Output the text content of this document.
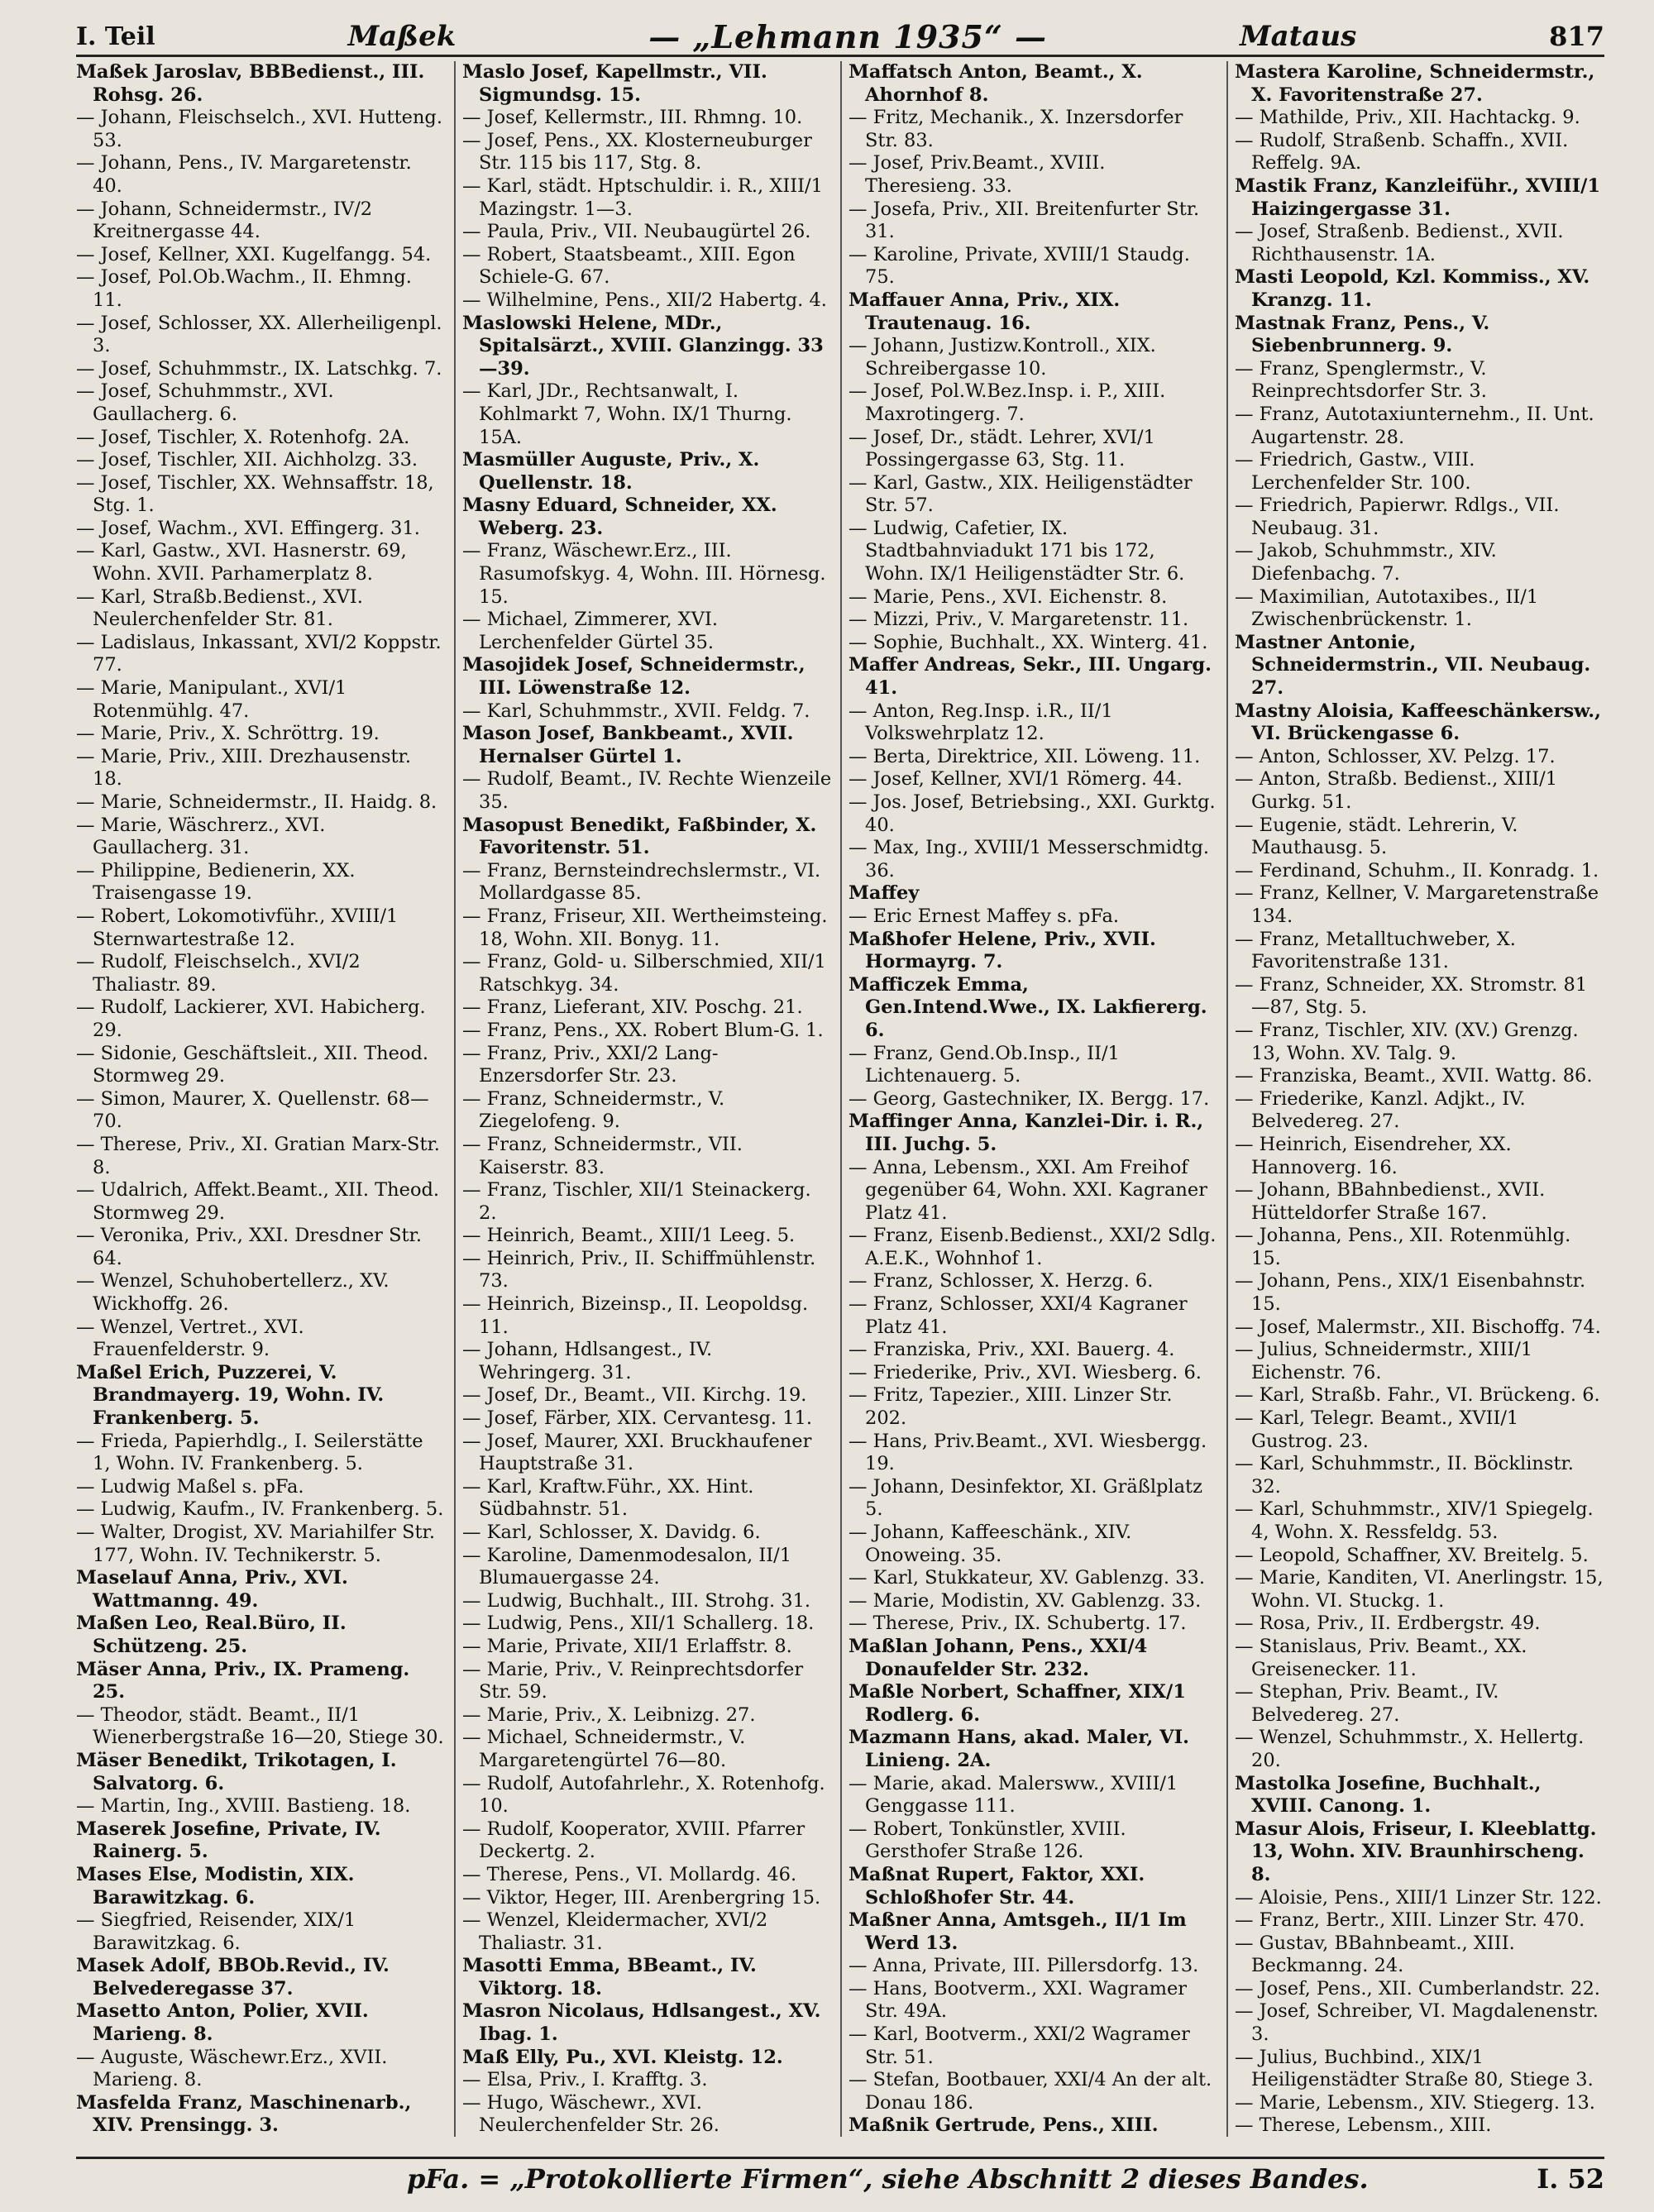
I. Teil	Maßek	— „Lehmann 1935“ —	Mataus	817

Maßek Jaroslav, BBBedienst., III. Rohsg. 26.

— Johann, Fleischselch., XVI. Hutteng. 53.

— Johann, Pens., IV. Margaretenstr. 40.

— Johann, Schneidermstr., IV/2 Kreitnergasse 44.

— Josef, Kellner, XXI. Kugelfangg. 54.

— Josef, Pol.Ob.Wachm., II. Ehmng. 11.

— Josef, Schlosser, XX. Allerheiligenpl. 3.

— Josef, Schuhmmstr., IX. Latschkg. 7.

— Josef, Schuhmmstr., XVI. Gaullacherg. 6.

— Josef, Tischler, X. Rotenhofg. 2A.

— Josef, Tischler, XII. Aichholzg. 33.

— Josef, Tischler, XX. Wehnsaffstr. 18, Stg. 1.

— Josef, Wachm., XVI. Effingerg. 31.

— Karl, Gastw., XVI. Hasnerstr. 69, Wohn. XVII. Parhamerplatz 8.

— Karl, Straßb.Bedienst., XVI. Neulerchenfelder Str. 81.

— Ladislaus, Inkassant, XVI/2 Koppstr. 77.

— Marie, Manipulant., XVI/1 Rotenmühlg. 47.

— Marie, Priv., X. Schröttrg. 19.

— Marie, Priv., XIII. Drezhausenstr. 18.

— Marie, Schneidermstr., II. Haidg. 8.

— Marie, Wäschrerz., XVI. Gaullacherg. 31.

— Philippine, Bedienerin, XX. Traisengasse 19.

— Robert, Lokomotivführ., XVIII/1 Sternwartestraße 12.

— Rudolf, Fleischselch., XVI/2 Thaliastr. 89.

— Rudolf, Lackierer, XVI. Habicherg. 29.

— Sidonie, Geschäftsleit., XII. Theod. Stormweg 29.

— Simon, Maurer, X. Quellenstr. 68—70.

— Therese, Priv., XI. Gratian Marx-Str. 8.

— Udalrich, Affekt.Beamt., XII. Theod. Stormweg 29.

— Veronika, Priv., XXI. Dresdner Str. 64.

— Wenzel, Schuhobertellerz., XV. Wickhoffg. 26.

— Wenzel, Vertret., XVI. Frauenfelderstr. 9.

Maßel Erich, Puzzerei, V. Brandmayerg. 19, Wohn. IV. Frankenberg. 5.

— Frieda, Papierhdlg., I. Seilerstätte 1, Wohn. IV. Frankenberg. 5.

— Ludwig Maßel s. pFa.

— Ludwig, Kaufm., IV. Frankenberg. 5.

— Walter, Drogist, XV. Mariahilfer Str. 177, Wohn. IV. Technikerstr. 5.

Maselauf Anna, Priv., XVI. Wattmanng. 49.

Maßen Leo, Real.Büro, II. Schützeng. 25.

Mäser Anna, Priv., IX. Prameng. 25.

— Theodor, städt. Beamt., II/1 Wienerbergstraße 16—20, Stiege 30.

Mäser Benedikt, Trikotagen, I. Salvatorg. 6.

— Martin, Ing., XVIII. Bastieng. 18.

Maserek Josefine, Private, IV. Rainerg. 5.

Mases Else, Modistin, XIX. Barawitzkag. 6.

— Siegfried, Reisender, XIX/1 Barawitzkag. 6.

Masek Adolf, BBOb.Revid., IV. Belvederegasse 37.

Masetto Anton, Polier, XVII. Marieng. 8.

— Auguste, Wäschewr.Erz., XVII. Marieng. 8.

Masfelda Franz, Maschinenarb., XIV. Prensingg. 3.

Maslo Josef, Kapellmstr., VII. Sigmundsg. 15.

— Josef, Kellermstr., III. Rhmng. 10.

— Josef, Pens., XX. Klosterneuburger Str. 115 bis 117, Stg. 8.

— Karl, städt. Hptschuldir. i. R., XIII/1 Mazingstr. 1—3.

— Paula, Priv., VII. Neubaugürtel 26.

— Robert, Staatsbeamt., XIII. Egon Schiele-G. 67.

— Wilhelmine, Pens., XII/2 Habertg. 4.

Maslowski Helene, MDr., Spitalsärzt., XVIII. Glanzingg. 33—39.

— Karl, JDr., Rechtsanwalt, I. Kohlmarkt 7, Wohn. IX/1 Thurng. 15A.

Masmüller Auguste, Priv., X. Quellenstr. 18.

Masny Eduard, Schneider, XX. Weberg. 23.

— Franz, Wäschewr.Erz., III. Rasumofskyg. 4, Wohn. III. Hörnesg. 15.

— Michael, Zimmerer, XVI. Lerchenfelder Gürtel 35.

Masojidek Josef, Schneidermstr., III. Löwenstraße 12.

— Karl, Schuhmmstr., XVII. Feldg. 7.

Mason Josef, Bankbeamt., XVII. Hernalser Gürtel 1.

— Rudolf, Beamt., IV. Rechte Wienzeile 35.

Masopust Benedikt, Faßbinder, X. Favoritenstr. 51.

— Franz, Bernsteindrechslermstr., VI. Mollardgasse 85.

— Franz, Friseur, XII. Wertheimsteing. 18, Wohn. XII. Bonyg. 11.

— Franz, Gold- u. Silberschmied, XII/1 Ratschkyg. 34.

— Franz, Lieferant, XIV. Poschg. 21.

— Franz, Pens., XX. Robert Blum-G. 1.

— Franz, Priv., XXI/2 Lang-Enzersdorfer Str. 23.

— Franz, Schneidermstr., V. Ziegelofeng. 9.

— Franz, Schneidermstr., VII. Kaiserstr. 83.

— Franz, Tischler, XII/1 Steinackerg. 2.

— Heinrich, Beamt., XIII/1 Leeg. 5.

— Heinrich, Priv., II. Schiffmühlenstr. 73.

— Heinrich, Bizeinsp., II. Leopoldsg. 11.

— Johann, Hdlsangest., IV. Wehringerg. 31.

— Josef, Dr., Beamt., VII. Kirchg. 19.

— Josef, Färber, XIX. Cervantesg. 11.

— Josef, Maurer, XXI. Bruckhaufener Hauptstraße 31.

— Karl, Kraftw.Führ., XX. Hint. Südbahnstr. 51.

— Karl, Schlosser, X. Davidg. 6.

— Karoline, Damenmodesalon, II/1 Blumauergasse 24.

— Ludwig, Buchhalt., III. Strohg. 31.

— Ludwig, Pens., XII/1 Schallerg. 18.

— Marie, Private, XII/1 Erlaffstr. 8.

— Marie, Priv., V. Reinprechtsdorfer Str. 59.

— Marie, Priv., X. Leibnizg. 27.

— Michael, Schneidermstr., V. Margaretengürtel 76—80.

— Rudolf, Autofahrlehr., X. Rotenhofg. 10.

— Rudolf, Kooperator, XVIII. Pfarrer Deckertg. 2.

— Therese, Pens., VI. Mollardg. 46.

— Viktor, Heger, III. Arenbergring 15.

— Wenzel, Kleidermacher, XVI/2 Thaliastr. 31.

Masotti Emma, BBeamt., IV. Viktorg. 18.

Masron Nicolaus, Hdlsangest., XV. Ibag. 1.

Maß Elly, Pu., XVI. Kleistg. 12.

— Elsa, Priv., I. Krafftg. 3.

— Hugo, Wäschewr., XVI. Neulerchenfelder Str. 26.

Maffatsch Anton, Beamt., X. Ahornhof 8.

— Fritz, Mechanik., X. Inzersdorfer Str. 83.

— Josef, Priv.Beamt., XVIII. Theresieng. 33.

— Josefa, Priv., XII. Breitenfurter Str. 31.

— Karoline, Private, XVIII/1 Staudg. 75.

Maffauer Anna, Priv., XIX. Trautenaug. 16.

— Johann, Justizw.Kontroll., XIX. Schreibergasse 10.

— Josef, Pol.W.Bez.Insp. i. P., XIII. Maxrotingerg. 7.

— Josef, Dr., städt. Lehrer, XVI/1 Possingergasse 63, Stg. 11.

— Karl, Gastw., XIX. Heiligenstädter Str. 57.

— Ludwig, Cafetier, IX. Stadtbahnviadukt 171 bis 172, Wohn. IX/1 Heiligenstädter Str. 6.

— Marie, Pens., XVI. Eichenstr. 8.

— Mizzi, Priv., V. Margaretenstr. 11.

— Sophie, Buchhalt., XX. Winterg. 41.

Maffer Andreas, Sekr., III. Ungarg. 41.

— Anton, Reg.Insp. i.R., II/1 Volkswehrplatz 12.

— Berta, Direktrice, XII. Löweng. 11.

— Josef, Kellner, XVI/1 Römerg. 44.

— Jos. Josef, Betriebsing., XXI. Gurktg. 40.

— Max, Ing., XVIII/1 Messerschmidtg. 36.

Maffey

— Eric Ernest Maffey s. pFa.

Maßhofer Helene, Priv., XVII. Hormayrg. 7.

Mafficzek Emma, Gen.Intend.Wwe., IX. Lakfiererg. 6.

— Franz, Gend.Ob.Insp., II/1 Lichtenauerg. 5.

— Georg, Gastechniker, IX. Bergg. 17.

Maffinger Anna, Kanzlei-Dir. i. R., III. Juchg. 5.

— Anna, Lebensm., XXI. Am Freihof gegenüber 64, Wohn. XXI. Kagraner Platz 41.

— Franz, Eisenb.Bedienst., XXI/2 Sdlg. A.E.K., Wohnhof 1.

— Franz, Schlosser, X. Herzg. 6.

— Franz, Schlosser, XXI/4 Kagraner Platz 41.

— Franziska, Priv., XXI. Bauerg. 4.

— Friederike, Priv., XVI. Wiesberg. 6.

— Fritz, Tapezier., XIII. Linzer Str. 202.

— Hans, Priv.Beamt., XVI. Wiesbergg. 19.

— Johann, Desinfektor, XI. Gräßlplatz 5.

— Johann, Kaffeeschänk., XIV. Onoweing. 35.

— Karl, Stukkateur, XV. Gablenzg. 33.

— Marie, Modistin, XV. Gablenzg. 33.

— Therese, Priv., IX. Schubertg. 17.

Maßlan Johann, Pens., XXI/4 Donaufelder Str. 232.

Maßle Norbert, Schaffner, XIX/1 Rodlerg. 6.

Mazmann Hans, akad. Maler, VI. Linieng. 2A.

— Marie, akad. Malersww., XVIII/1 Genggasse 111.

— Robert, Tonkünstler, XVIII. Gersthofer Straße 126.

Maßnat Rupert, Faktor, XXI. Schloßhofer Str. 44.

Maßner Anna, Amtsgeh., II/1 Im Werd 13.

— Anna, Private, III. Pillersdorfg. 13.

— Hans, Bootverm., XXI. Wagramer Str. 49A.

— Karl, Bootverm., XXI/2 Wagramer Str. 51.

— Stefan, Bootbauer, XXI/4 An der alt. Donau 186.

Maßnik Gertrude, Pens., XIII.

Mastera Karoline, Schneidermstr., X. Favoritenstraße 27.

— Mathilde, Priv., XII. Hachtackg. 9.

— Rudolf, Straßenb. Schaffn., XVII. Reffelg. 9A.

Mastik Franz, Kanzleiführ., XVIII/1 Haizingergasse 31.

— Josef, Straßenb. Bedienst., XVII. Richthausenstr. 1A.

Masti Leopold, Kzl. Kommiss., XV. Kranzg. 11.

Mastnak Franz, Pens., V. Siebenbrunnerg. 9.

— Franz, Spenglermstr., V. Reinprechtsdorfer Str. 3.

— Franz, Autotaxiunternehm., II. Unt. Augartenstr. 28.

— Friedrich, Gastw., VIII. Lerchenfelder Str. 100.

— Friedrich, Papierwr. Rdlgs., VII. Neubaug. 31.

— Jakob, Schuhmmstr., XIV. Diefenbachg. 7.

— Maximilian, Autotaxibes., II/1 Zwischenbrückenstr. 1.

Mastner Antonie, Schneidermstrin., VII. Neubaug. 27.

Mastny Aloisia, Kaffeeschänkersw., VI. Brückengasse 6.

— Anton, Schlosser, XV. Pelzg. 17.

— Anton, Straßb. Bedienst., XIII/1 Gurkg. 51.

— Eugenie, städt. Lehrerin, V. Mauthausg. 5.

— Ferdinand, Schuhm., II. Konradg. 1.

— Franz, Kellner, V. Margaretenstraße 134.

— Franz, Metalltuchweber, X. Favoritenstraße 131.

— Franz, Schneider, XX. Stromstr. 81—87, Stg. 5.

— Franz, Tischler, XIV. (XV.) Grenzg. 13, Wohn. XV. Talg. 9.

— Franziska, Beamt., XVII. Wattg. 86.

— Friederike, Kanzl. Adjkt., IV. Belvedereg. 27.

— Heinrich, Eisendreher, XX. Hannoverg. 16.

— Johann, BBahnbedienst., XVII. Hütteldorfer Straße 167.

— Johanna, Pens., XII. Rotenmühlg. 15.

— Johann, Pens., XIX/1 Eisenbahnstr. 15.

— Josef, Malermstr., XII. Bischoffg. 74.

— Julius, Schneidermstr., XIII/1 Eichenstr. 76.

— Karl, Straßb. Fahr., VI. Brückeng. 6.

— Karl, Telegr. Beamt., XVII/1 Gustrog. 23.

— Karl, Schuhmmstr., II. Böcklinstr. 32.

— Karl, Schuhmmstr., XIV/1 Spiegelg. 4, Wohn. X. Ressfeldg. 53.

— Leopold, Schaffner, XV. Breitelg. 5.

— Marie, Kanditen, VI. Anerlingstr. 15, Wohn. VI. Stuckg. 1.

— Rosa, Priv., II. Erdbergstr. 49.

— Stanislaus, Priv. Beamt., XX. Greisenecker. 11.

— Stephan, Priv. Beamt., IV. Belvedereg. 27.

— Wenzel, Schuhmmstr., X. Hellertg. 20.

Mastolka Josefine, Buchhalt., XVIII. Canong. 1.

Masur Alois, Friseur, I. Kleeblattg. 13, Wohn. XIV. Braunhirscheng. 8.

— Aloisie, Pens., XIII/1 Linzer Str. 122.

— Franz, Bertr., XIII. Linzer Str. 470.

— Gustav, BBahnbeamt., XIII. Beckmanng. 24.

— Josef, Pens., XII. Cumberlandstr. 22.

— Josef, Schreiber, VI. Magdalenenstr. 3.

— Julius, Buchbind., XIX/1 Heiligenstädter Straße 80, Stiege 3.

— Marie, Lebensm., XIV. Stiegerg. 13.

— Therese, Lebensm., XIII.

pFa. = „Protokollierte Firmen“, siehe Abschnitt 2 dieses Bandes.	I. 52
